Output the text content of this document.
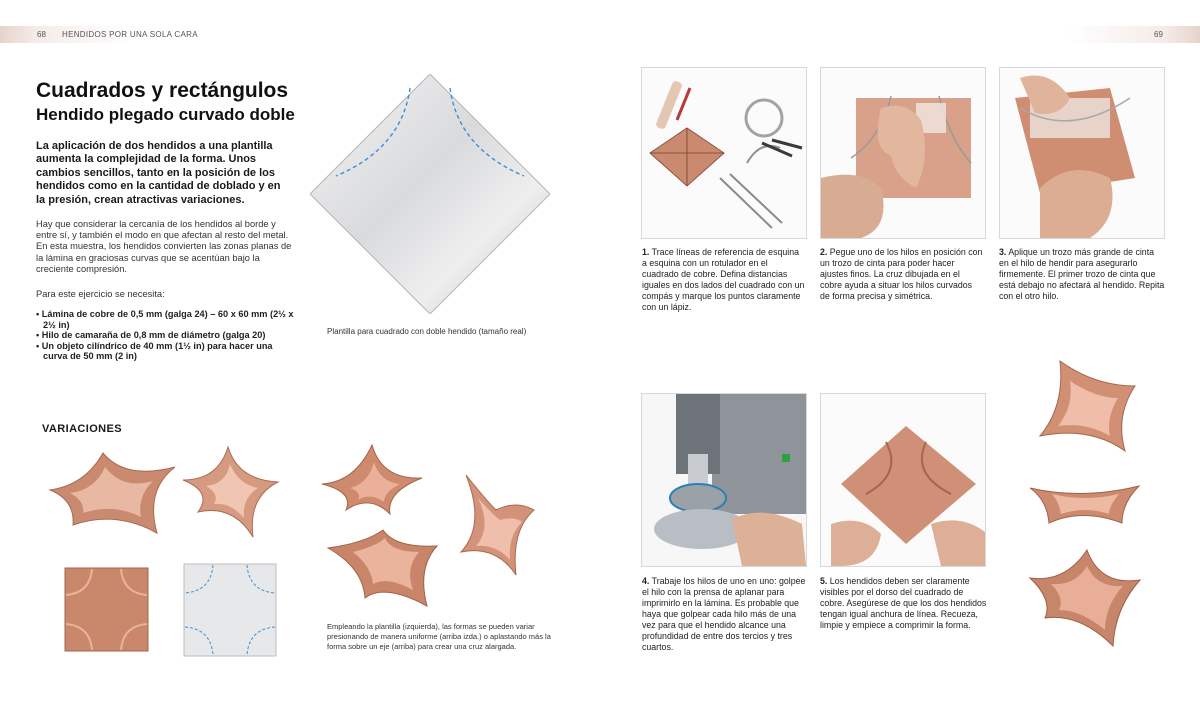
68 HENDIDOS POR UNA SOLA CARA	69
Cuadrados y rectángulos
Hendido plegado curvado doble
La aplicación de dos hendidos a una plantilla aumenta la complejidad de la forma. Unos cambios sencillos, tanto en la posición de los hendidos como en la cantidad de doblado y en la presión, crean atractivas variaciones.
Hay que considerar la cercanía de los hendidos al borde y entre sí, y también el modo en que afectan al resto del metal. En esta muestra, los hendidos convierten las zonas planas de la lámina en graciosas curvas que se acentúan bajo la creciente compresión.
Para este ejercicio se necesita:
• Lámina de cobre de 0,5 mm (galga 24) – 60 x 60 mm (2½ x 2½ in)
• Hilo de camaraña de 0,8 mm de diámetro (galga 20)
• Un objeto cilíndrico de 40 mm (1½ in) para hacer una curva de 50 mm (2 in)
Plantilla para cuadrado con doble hendido (tamaño real)
VARIACIONES
Empleando la plantilla (izquierda), las formas se pueden variar presionando de manera uniforme (arriba izda.) o aplastando más la forma sobre un eje (arriba) para crear una cruz alargada.
1. Trace líneas de referencia de esquina a esquina con un rotulador en el cuadrado de cobre. Defina distancias iguales en dos lados del cuadrado con un compás y marque los puntos claramente con un lápiz.
2. Pegue uno de los hilos en posición con un trozo de cinta para poder hacer ajustes finos. La cruz dibujada en el cobre ayuda a situar los hilos curvados de forma precisa y simétrica.
3. Aplique un trozo más grande de cinta en el hilo de hendir para asegurarlo firmemente. El primer trozo de cinta que está debajo no afectará al hendido. Repita con el otro hilo.
4. Trabaje los hilos de uno en uno: golpee el hilo con la prensa de aplanar para imprimirlo en la lámina. Es probable que haya que golpear cada hilo más de una vez para que el hendido alcance una profundidad de entre dos tercios y tres cuartos.
5. Los hendidos deben ser claramente visibles por el dorso del cuadrado de cobre. Asegúrese de que los dos hendidos tengan igual anchura de línea. Recueza, limpie y empiece a comprimir la forma.
